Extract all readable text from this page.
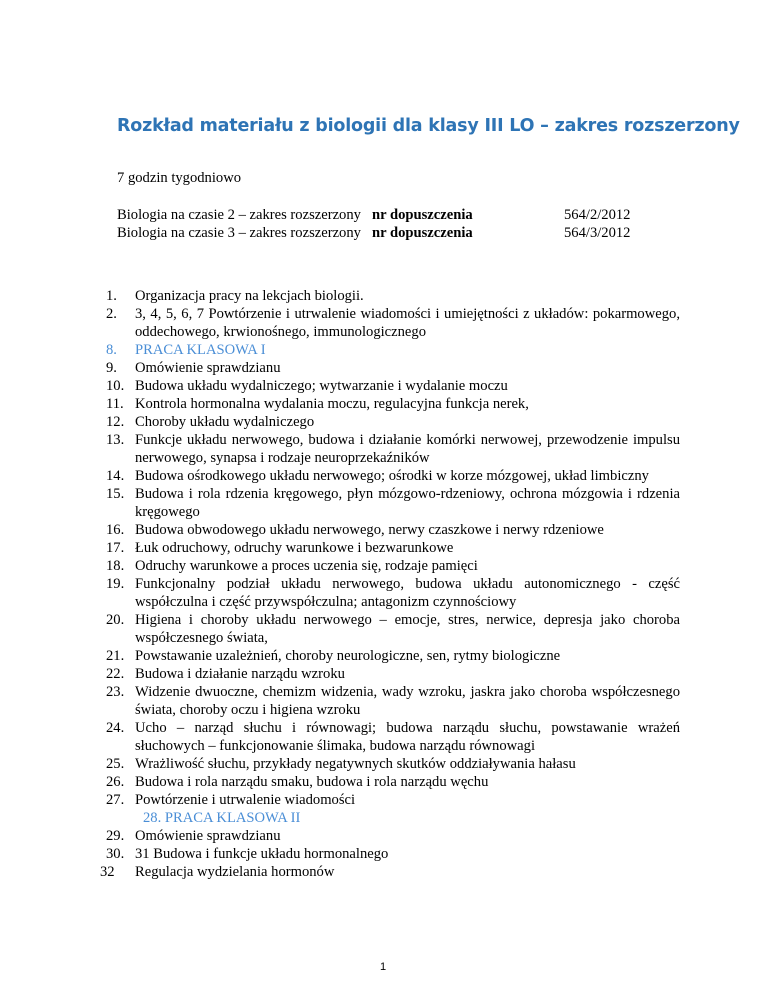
Rozkład materiału z biologii dla klasy III LO – zakres rozszerzony
7 godzin tygodniowo
Biologia na czasie 2 – zakres rozszerzony nr dopuszczenia	564/2/2012
Biologia na czasie 3 – zakres rozszerzony nr dopuszczenia	564/3/2012
1. Organizacja pracy na lekcjach biologii.
2. 3, 4, 5, 6, 7 Powtórzenie i utrwalenie wiadomości i umiejętności z układów: pokarmowego, oddechowego, krwionośnego, immunologicznego
8. PRACA KLASOWA I
9. Omówienie sprawdzianu
10. Budowa układu wydalniczego; wytwarzanie i wydalanie moczu
11. Kontrola hormonalna wydalania moczu, regulacyjna funkcja nerek,
12. Choroby układu wydalniczego
13. Funkcje układu nerwowego, budowa i działanie komórki nerwowej, przewodzenie impulsu nerwowego, synapsa i rodzaje neuroprzekaźników
14. Budowa ośrodkowego układu nerwowego; ośrodki w korze mózgowej, układ limbiczny
15. Budowa i rola rdzenia kręgowego, płyn mózgowo-rdzeniowy, ochrona mózgowia i rdzenia kręgowego
16. Budowa obwodowego układu nerwowego, nerwy czaszkowe i nerwy rdzeniowe
17. Łuk odruchowy, odruchy warunkowe i bezwarunkowe
18. Odruchy warunkowe a proces uczenia się, rodzaje pamięci
19. Funkcjonalny podział układu nerwowego, budowa układu autonomicznego - część współczulna i część przywspółczulna; antagonizm czynnościowy
20. Higiena i choroby układu nerwowego – emocje, stres, nerwice, depresja jako choroba współczesnego świata,
21. Powstawanie uzależnień, choroby neurologiczne, sen, rytmy biologiczne
22. Budowa i działanie narządu wzroku
23. Widzenie dwuoczne, chemizm widzenia, wady wzroku, jaskra jako choroba współczesnego świata, choroby oczu i higiena wzroku
24. Ucho – narząd słuchu i równowagi; budowa narządu słuchu, powstawanie wrażeń słuchowych – funkcjonowanie ślimaka, budowa narządu równowagi
25. Wrażliwość słuchu, przykłady negatywnych skutków oddziaływania hałasu
26. Budowa i rola narządu smaku, budowa i rola narządu węchu
27. Powtórzenie i utrwalenie wiadomości
28. PRACA KLASOWA II
29. Omówienie sprawdzianu
30. 31 Budowa i funkcje układu hormonalnego
32 Regulacja wydzielania hormonów
1
